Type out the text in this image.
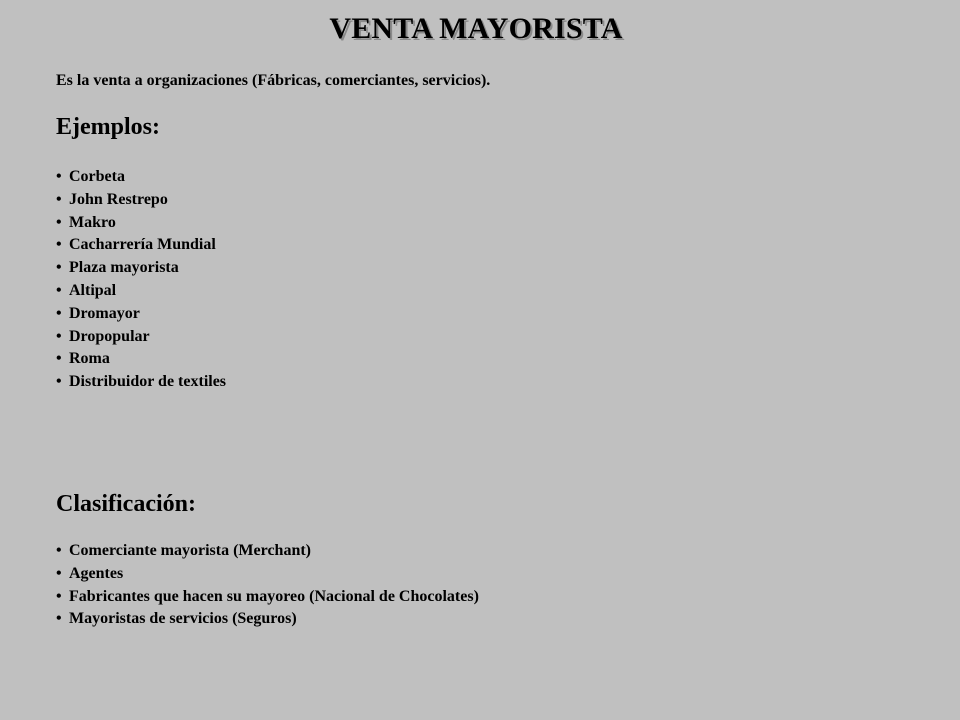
VENTA MAYORISTA

Es la venta a organizaciones (Fábricas, comerciantes, servicios).

Ejemplos:
• Corbeta
• John Restrepo
• Makro
• Cacharrería Mundial
• Plaza mayorista
• Altipal
• Dromayor
• Dropopular
• Roma
• Distribuidor de textiles
Clasificación:
• Comerciante mayorista (Merchant)
• Agentes
• Fabricantes que hacen su mayoreo (Nacional de Chocolates)
• Mayoristas de servicios (Seguros)
